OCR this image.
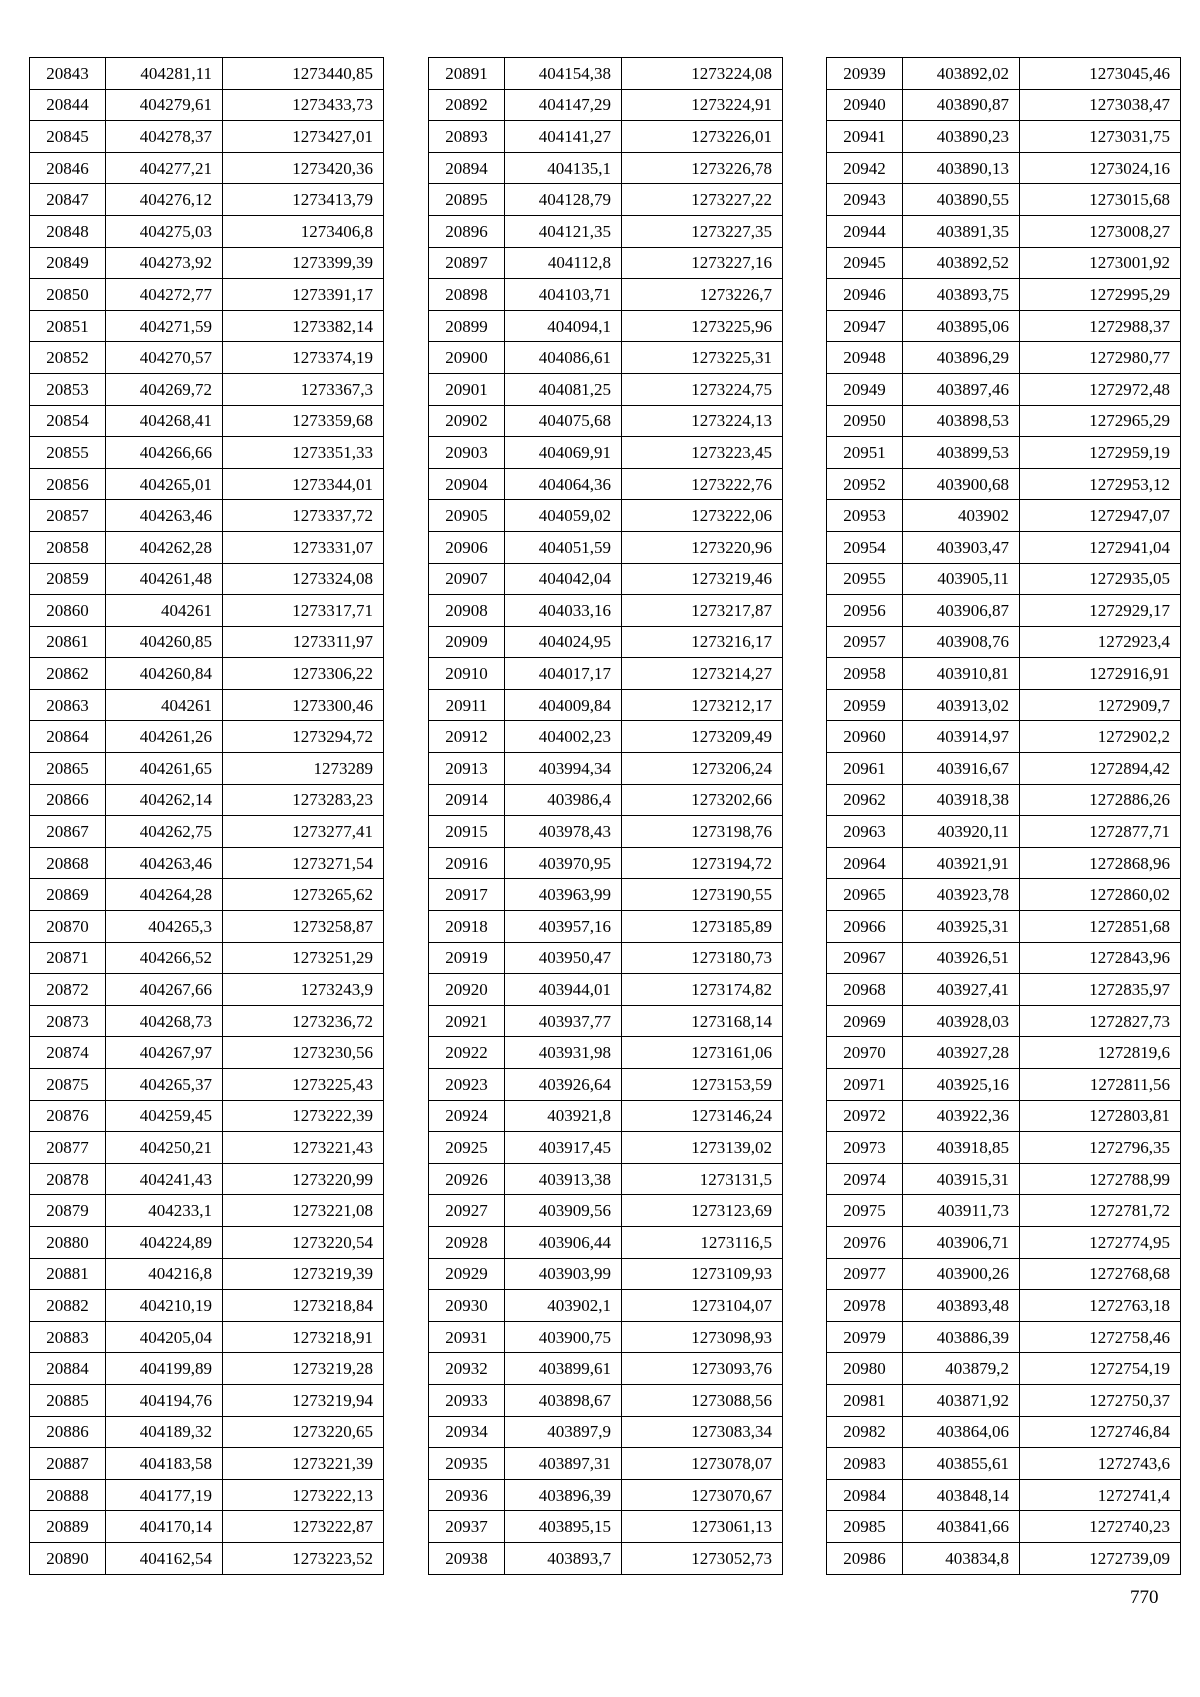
20843	404281,11	1273440,85
20844	404279,61	1273433,73
20845	404278,37	1273427,01
20846	404277,21	1273420,36
20847	404276,12	1273413,79
20848	404275,03	1273406,8
20849	404273,92	1273399,39
20850	404272,77	1273391,17
20851	404271,59	1273382,14
20852	404270,57	1273374,19
20853	404269,72	1273367,3
20854	404268,41	1273359,68
20855	404266,66	1273351,33
20856	404265,01	1273344,01
20857	404263,46	1273337,72
20858	404262,28	1273331,07
20859	404261,48	1273324,08
20860	404261	1273317,71
20861	404260,85	1273311,97
20862	404260,84	1273306,22
20863	404261	1273300,46
20864	404261,26	1273294,72
20865	404261,65	1273289
20866	404262,14	1273283,23
20867	404262,75	1273277,41
20868	404263,46	1273271,54
20869	404264,28	1273265,62
20870	404265,3	1273258,87
20871	404266,52	1273251,29
20872	404267,66	1273243,9
20873	404268,73	1273236,72
20874	404267,97	1273230,56
20875	404265,37	1273225,43
20876	404259,45	1273222,39
20877	404250,21	1273221,43
20878	404241,43	1273220,99
20879	404233,1	1273221,08
20880	404224,89	1273220,54
20881	404216,8	1273219,39
20882	404210,19	1273218,84
20883	404205,04	1273218,91
20884	404199,89	1273219,28
20885	404194,76	1273219,94
20886	404189,32	1273220,65
20887	404183,58	1273221,39
20888	404177,19	1273222,13
20889	404170,14	1273222,87
20890	404162,54	1273223,52
20891	404154,38	1273224,08
20892	404147,29	1273224,91
20893	404141,27	1273226,01
20894	404135,1	1273226,78
20895	404128,79	1273227,22
20896	404121,35	1273227,35
20897	404112,8	1273227,16
20898	404103,71	1273226,7
20899	404094,1	1273225,96
20900	404086,61	1273225,31
20901	404081,25	1273224,75
20902	404075,68	1273224,13
20903	404069,91	1273223,45
20904	404064,36	1273222,76
20905	404059,02	1273222,06
20906	404051,59	1273220,96
20907	404042,04	1273219,46
20908	404033,16	1273217,87
20909	404024,95	1273216,17
20910	404017,17	1273214,27
20911	404009,84	1273212,17
20912	404002,23	1273209,49
20913	403994,34	1273206,24
20914	403986,4	1273202,66
20915	403978,43	1273198,76
20916	403970,95	1273194,72
20917	403963,99	1273190,55
20918	403957,16	1273185,89
20919	403950,47	1273180,73
20920	403944,01	1273174,82
20921	403937,77	1273168,14
20922	403931,98	1273161,06
20923	403926,64	1273153,59
20924	403921,8	1273146,24
20925	403917,45	1273139,02
20926	403913,38	1273131,5
20927	403909,56	1273123,69
20928	403906,44	1273116,5
20929	403903,99	1273109,93
20930	403902,1	1273104,07
20931	403900,75	1273098,93
20932	403899,61	1273093,76
20933	403898,67	1273088,56
20934	403897,9	1273083,34
20935	403897,31	1273078,07
20936	403896,39	1273070,67
20937	403895,15	1273061,13
20938	403893,7	1273052,73
20939	403892,02	1273045,46
20940	403890,87	1273038,47
20941	403890,23	1273031,75
20942	403890,13	1273024,16
20943	403890,55	1273015,68
20944	403891,35	1273008,27
20945	403892,52	1273001,92
20946	403893,75	1272995,29
20947	403895,06	1272988,37
20948	403896,29	1272980,77
20949	403897,46	1272972,48
20950	403898,53	1272965,29
20951	403899,53	1272959,19
20952	403900,68	1272953,12
20953	403902	1272947,07
20954	403903,47	1272941,04
20955	403905,11	1272935,05
20956	403906,87	1272929,17
20957	403908,76	1272923,4
20958	403910,81	1272916,91
20959	403913,02	1272909,7
20960	403914,97	1272902,2
20961	403916,67	1272894,42
20962	403918,38	1272886,26
20963	403920,11	1272877,71
20964	403921,91	1272868,96
20965	403923,78	1272860,02
20966	403925,31	1272851,68
20967	403926,51	1272843,96
20968	403927,41	1272835,97
20969	403928,03	1272827,73
20970	403927,28	1272819,6
20971	403925,16	1272811,56
20972	403922,36	1272803,81
20973	403918,85	1272796,35
20974	403915,31	1272788,99
20975	403911,73	1272781,72
20976	403906,71	1272774,95
20977	403900,26	1272768,68
20978	403893,48	1272763,18
20979	403886,39	1272758,46
20980	403879,2	1272754,19
20981	403871,92	1272750,37
20982	403864,06	1272746,84
20983	403855,61	1272743,6
20984	403848,14	1272741,4
20985	403841,66	1272740,23
20986	403834,8	1272739,09
770
